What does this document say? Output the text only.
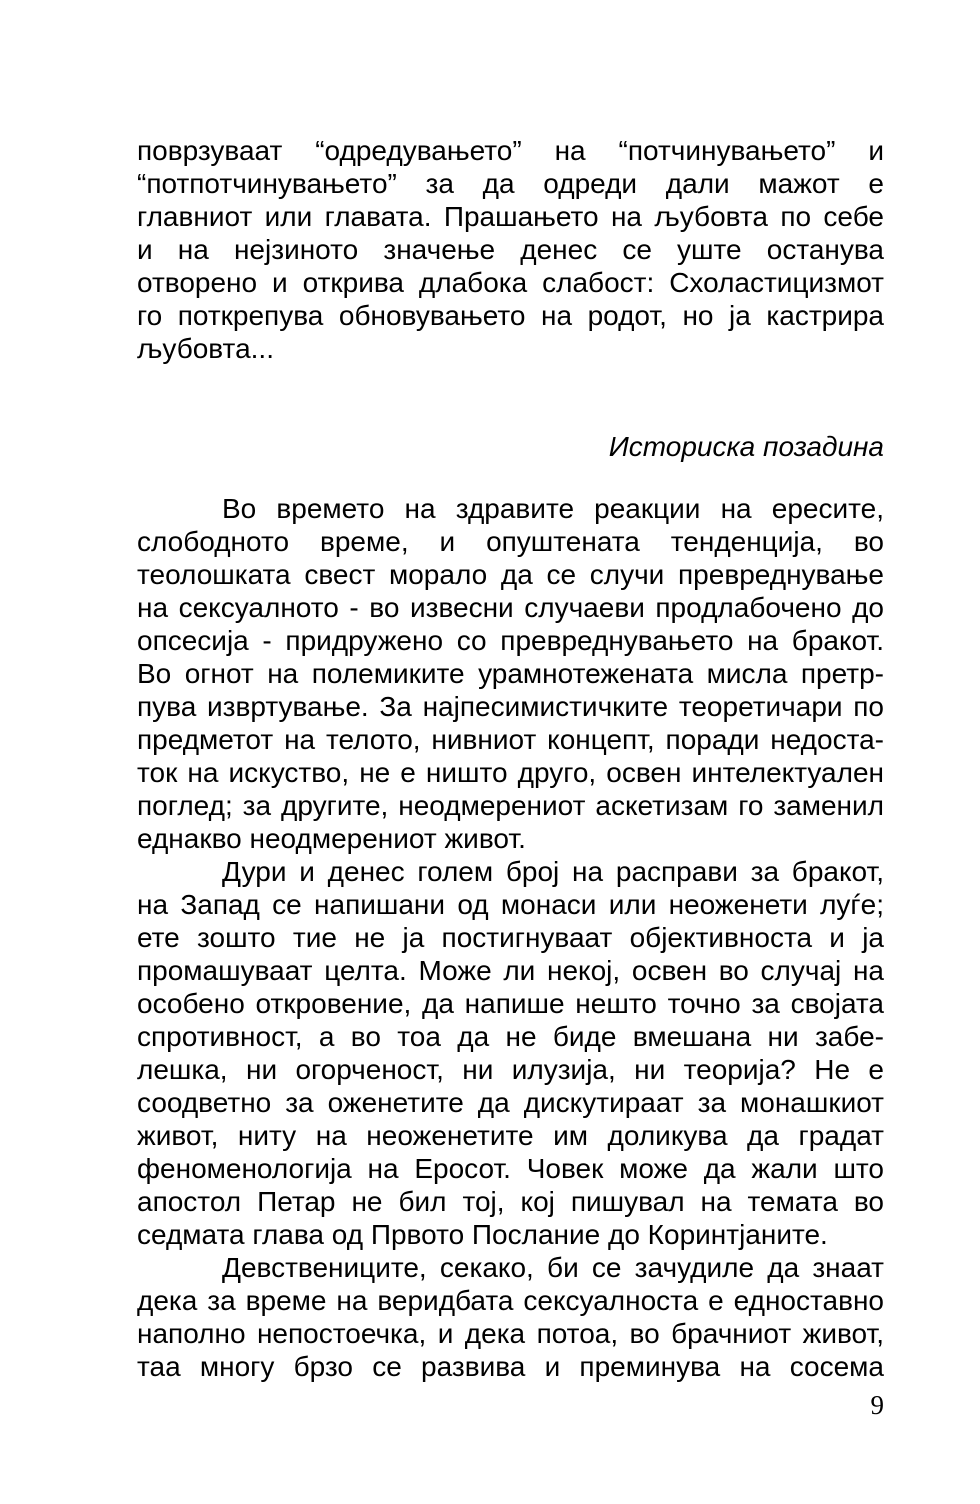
поврзуваат “одредувањето” на “потчинувањето” и
“потпотчинувањето” за да одреди дали мажот е
главниот или главата. Прашањето на љубовта по себе
и на нејзиното значење денес се уште останува
отворено и открива длабока слабост: Схоластицизмот
го поткрепува обновувањето на родот, но ја кастрира
љубовта...
Историска позадина
Во времето на здравите реакции на ересите,
слободното време, и опуштената тенденција, во
теолошката свест морало да се случи превреднување
на сексуалното - во извесни случаеви продлабочено до
опсесија - придружено со превреднувањето на бракот.
Во огнот на полемиките урамнотежената мисла претр-
пува извртување. За најпесимистичките теоретичари по
предметот на телото, нивниот концепт, поради недоста-
ток на искуство, не е ништо друго, освен интелектуален
поглед; за другите, неодмерениот аскетизам го заменил
еднакво неодмерениот живот.
Дури и денес голем број на расправи за бракот,
на Запад се напишани од монаси или неоженети луѓе;
ете зошто тие не ја постигнуваат објективноста и ја
промашуваат целта. Може ли некој, освен во случај на
особено откровение, да напише нешто точно за својата
спротивност, а во тоа да не биде вмешана ни забе-
лешка, ни огорченост, ни илузија, ни теорија? Не е
соодветно за оженетите да дискутираат за монашкиот
живот, ниту на неоженетите им доликува да градат
феноменологија на Еросот. Човек може да жали што
апостол Петар не бил тој, кој пишувал на темата во
седмата глава од Првото Послание до Коринтјаните.
Девствениците, секако, би се зачудиле да знаат
дека за време на веридбата сексуалноста е едноставно
наполно непостоечка, и дека потоа, во брачниот живот,
таа многу брзо се развива и преминува на сосема
9
